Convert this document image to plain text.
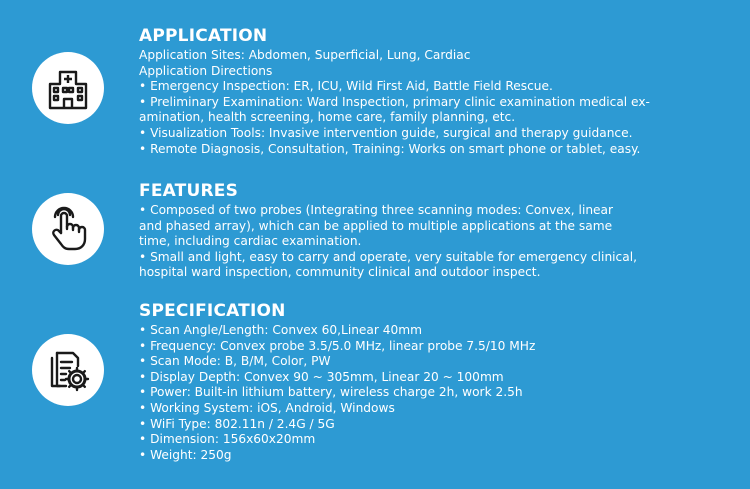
APPLICATION
Application Sites: Abdomen, Superficial, Lung, Cardiac
Application Directions
• Emergency Inspection: ER, ICU, Wild First Aid, Battle Field Rescue.
• Preliminary Examination: Ward Inspection, primary clinic examination medical ex-
amination, health screening, home care, family planning, etc.
• Visualization Tools: Invasive intervention guide, surgical and therapy guidance.
• Remote Diagnosis, Consultation, Training: Works on smart phone or tablet, easy.
FEATURES
• Composed of two probes (Integrating three scanning modes: Convex, linear
and phased array), which can be applied to multiple applications at the same
time, including cardiac examination.
• Small and light, easy to carry and operate, very suitable for emergency clinical,
hospital ward inspection, community clinical and outdoor inspect.
SPECIFICATION
• Scan Angle/Length: Convex 60,Linear 40mm
• Frequency: Convex probe 3.5/5.0 MHz, linear probe 7.5/10 MHz
• Scan Mode: B, B/M, Color, PW
• Display Depth: Convex 90 ~ 305mm, Linear 20 ~ 100mm
• Power: Built-in lithium battery, wireless charge 2h, work 2.5h
• Working System: iOS, Android, Windows
• WiFi Type: 802.11n / 2.4G / 5G
• Dimension: 156x60x20mm
• Weight: 250g
